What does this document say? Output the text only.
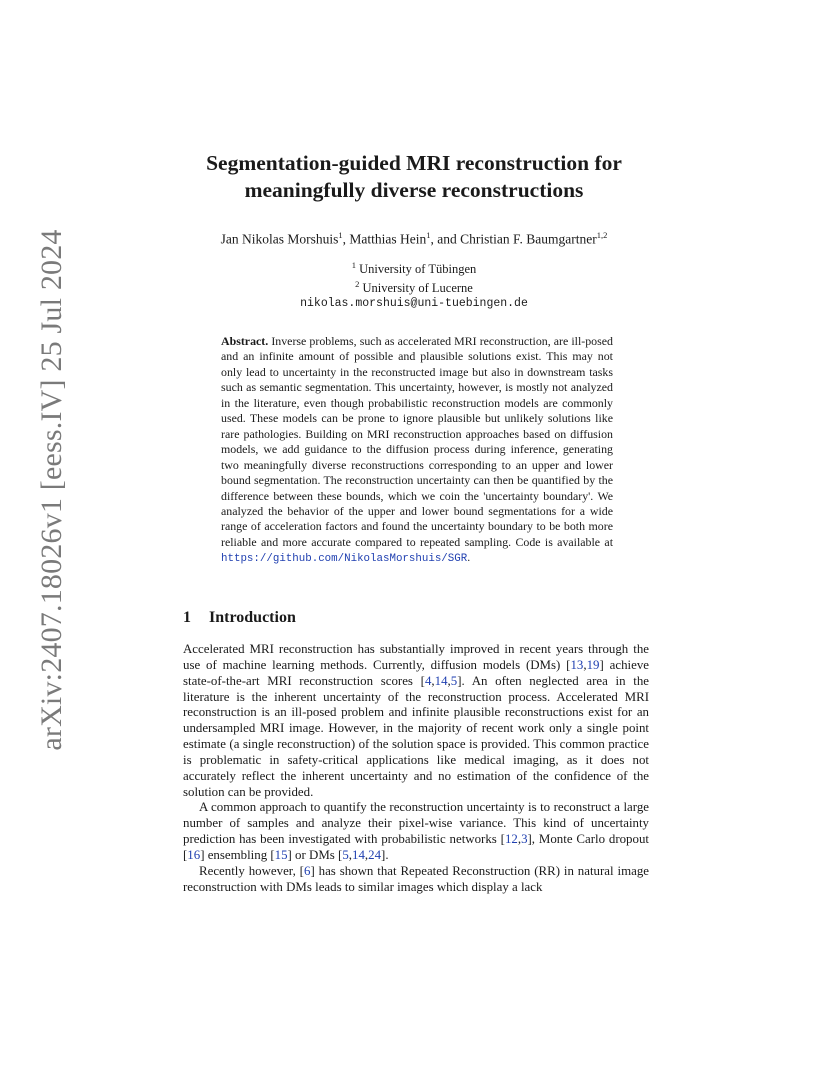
arXiv:2407.18026v1 [eess.IV] 25 Jul 2024
Segmentation-guided MRI reconstruction for
meaningfully diverse reconstructions
Jan Nikolas Morshuis$^1$, Matthias Hein$^1$, and Christian F. Baumgartner$^{1,2}$
$^1$ University of Tübingen
$^2$ University of Lucerne
nikolas.morshuis@uni-tuebingen.de
Abstract. Inverse problems, such as accelerated MRI reconstruction, are ill-posed and an infinite amount of possible and plausible solutions exist. This may not only lead to uncertainty in the reconstructed image but also in downstream tasks such as semantic segmentation. This uncertainty, however, is mostly not analyzed in the literature, even though probabilistic reconstruction models are commonly used. These models can be prone to ignore plausible but unlikely solutions like rare pathologies. Building on MRI reconstruction approaches based on diffusion models, we add guidance to the diffusion process during inference, generating two meaningfully diverse reconstructions corresponding to an upper and lower bound segmentation. The reconstruction uncertainty can then be quantified by the difference between these bounds, which we coin the 'uncertainty boundary'. We analyzed the behavior of the upper and lower bound segmentations for a wide range of acceleration factors and found the uncertainty boundary to be both more reliable and more accurate compared to repeated sampling. Code is available at https://github.com/NikolasMorshuis/SGR.
1 Introduction

Accelerated MRI reconstruction has substantially improved in recent years through the use of machine learning methods. Currently, diffusion models (DMs) [13,19] achieve state-of-the-art MRI reconstruction scores [4,14,5]. An often neglected area in the literature is the inherent uncertainty of the reconstruction process. Accelerated MRI reconstruction is an ill-posed problem and infinite plausible reconstructions exist for an undersampled MRI image. However, in the majority of recent work only a single point estimate (a single reconstruction) of the solution space is provided. This common practice is problematic in safety-critical applications like medical imaging, as it does not accurately reflect the inherent uncertainty and no estimation of the confidence of the solution can be provided.

A common approach to quantify the reconstruction uncertainty is to reconstruct a large number of samples and analyze their pixel-wise variance. This kind of uncertainty prediction has been investigated with probabilistic networks [12,3], Monte Carlo dropout [16] ensembling [15] or DMs [5,14,24].

Recently however, [6] has shown that Repeated Reconstruction (RR) in natural image reconstruction with DMs leads to similar images which display a lack
